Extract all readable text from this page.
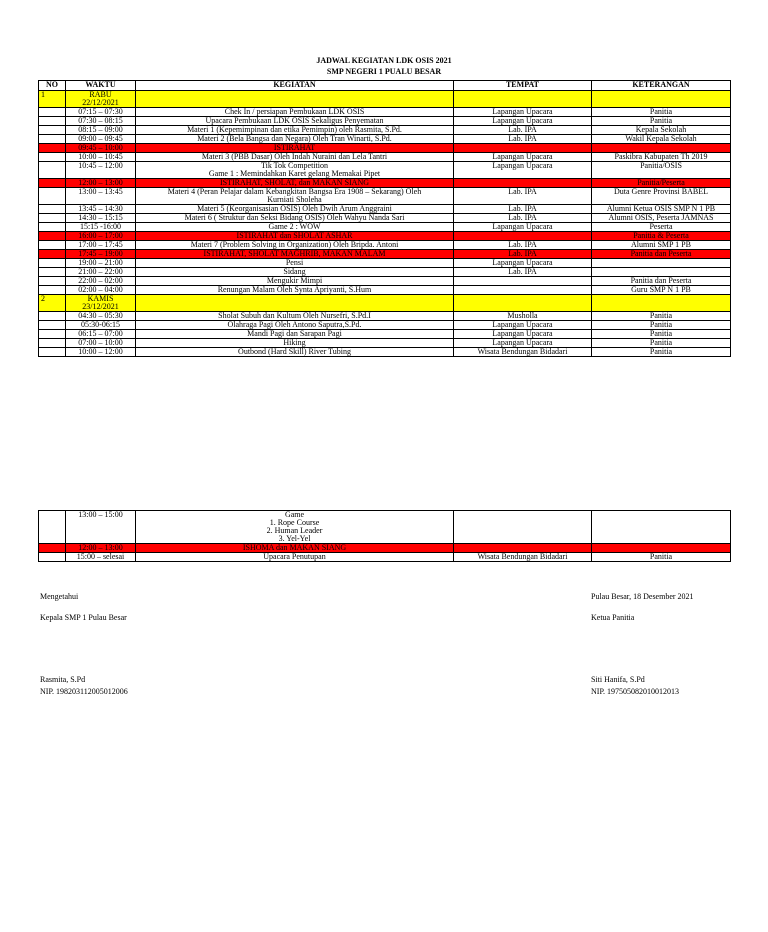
JADWAL KEGIATAN LDK OSIS 2021
SMP NEGERI 1 PUALU BESAR
NO	WAKTU	KEGIATAN	TEMPAT	KETERANGAN
1	RABU
22/12/2021			
	07:15 – 07:30	Chek In / persiapan Pembukaan LDK OSIS	Lapangan Upacara	Panitia
	07:30 – 08:15	Upacara Pembukaan LDK OSIS Sekaligus Penyematan	Lapangan Upacara	Panitia
	08:15 – 09:00	Materi 1 (Kepemimpinan dan etika Pemimpin) oleh Rasmita, S.Pd.	Lab. IPA	Kepala Sekolah
	09:00 – 09:45	Materi 2 (Bela Bangsa dan Negara) Oleh Tran Winarti, S.Pd.	Lab. IPA	Wakil Kepala Sekolah
	09:45 – 10:00	ISTIRAHAT		
	10:00 – 10:45	Materi 3 (PBB Dasar) Oleh Indah Nuraini dan Lela Tantri	Lapangan Upacara	Paskibra Kabupaten Th 2019
	10:45 – 12:00	Tik Tok Competition
Game 1 : Memindahkan Karet gelang Memakai Pipet	Lapangan Upacara	Panitia/OSIS
	12:00 – 13:00	ISTIRAHAT, SHOLAT, dan MAKAN SIANG		Panitia/Peserta
	13:00 – 13:45	Materi 4 (Peran Pelajar dalam Kebangkitan Bangsa Era 1908 – Sekarang) Oleh
Kurniati Sholeha	Lab. IPA	Duta Genre Provinsi BABEL
	13:45 – 14:30	Materi 5 (Keorganisasian OSIS) Oleh Dwih Arum Anggraini	Lab. IPA	Alumni Ketua OSIS SMP N 1 PB
	14:30 – 15:15	Materi 6 ( Struktur dan Seksi Bidang OSIS) Oleh Wahyu Nanda Sari	Lab. IPA	Alumni OSIS, Peserta JAMNAS
	15:15 -16:00	Game 2 : WOW	Lapangan Upacara	Peserta
	16:00 – 17:00	ISTIRAHAT dan SHOLAT ASHAR		Panitia & Peserta
	17:00 – 17:45	Materi 7 (Problem Solving in Organization) Oleh Bripda. Antoni	Lab. IPA	Alumni SMP 1 PB
	17:45 – 19:00	ISTIRAHAT, SHOLAT MAGHRIB, MAKAN MALAM	Lab. IPA	Panitia dan Peserta
	19:00 – 21:00	Pensi	Lapangan Upacara	
	21:00 – 22:00	Sidang	Lab. IPA	
	22:00 – 02:00	Mengukir Mimpi		Panitia dan Peserta
	02:00 – 04:00	Renungan Malam Oleh Synta Apriyanti, S.Hum		Guru SMP N 1 PB
2	KAMIS
23/12/2021			
	04:30 – 05:30	Sholat Subuh dan Kultum Oleh Nursefri, S.Pd.I	Musholla	Panitia
	05:30-06:15	Olahraga Pagi Oleh Antono Saputra,S.Pd.	Lapangan Upacara	Panitia
	06:15 – 07:00	Mandi Pagi dan Sarapan Pagi	Lapangan Upacara	Panitia
	07:00 – 10:00	Hiking	Lapangan Upacara	Panitia
	10:00 – 12:00	Outbond (Hard Skill) River Tubing	Wisata Bendungan Bidadari	Panitia
	13:00 – 15:00	Game
1. Rope Course
2. Human Leader
3. Yel-Yel		
	12:00 – 13:00	ISHOMA dan MAKAN SIANG		
	15:00 – selesai	Upacara Penutupan	Wisata Bendungan Bidadari	Panitia
Mengetahui
Kepala SMP 1 Pulau Besar
Rasmita, S.Pd
NIP. 198203112005012006
Pulau Besar, 18 Desember 2021
Ketua Panitia
Siti Hanifa, S.Pd
NIP. 197505082010012013
